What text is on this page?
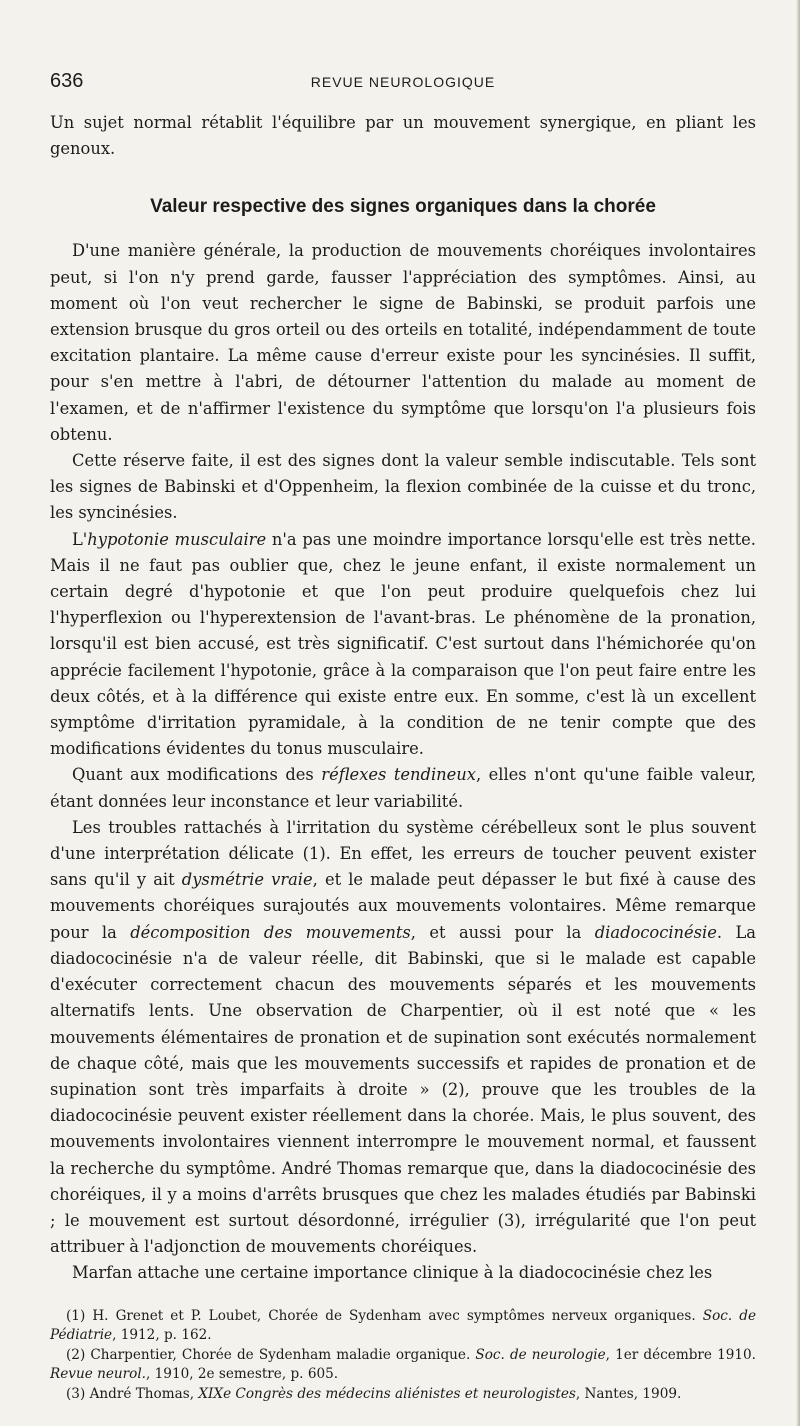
636	REVUE NEUROLOGIQUE

Un sujet normal rétablit l'équilibre par un mouvement synergique, en pliant les genoux.

Valeur respective des signes organiques dans la chorée

D'une manière générale, la production de mouvements choréiques involontaires peut, si l'on n'y prend garde, fausser l'appréciation des symptômes. Ainsi, au moment où l'on veut rechercher le signe de Babinski, se produit parfois une extension brusque du gros orteil ou des orteils en totalité, indépendamment de toute excitation plantaire. La même cause d'erreur existe pour les syncinésies. Il suffit, pour s'en mettre à l'abri, de détourner l'attention du malade au moment de l'examen, et de n'affirmer l'existence du symptôme que lorsqu'on l'a plusieurs fois obtenu.

Cette réserve faite, il est des signes dont la valeur semble indiscutable. Tels sont les signes de Babinski et d'Oppenheim, la flexion combinée de la cuisse et du tronc, les syncinésies.

L'hypotonie musculaire n'a pas une moindre importance lorsqu'elle est très nette. Mais il ne faut pas oublier que, chez le jeune enfant, il existe normalement un certain degré d'hypotonie et que l'on peut produire quelquefois chez lui l'hyperflexion ou l'hyperextension de l'avant-bras. Le phénomène de la pronation, lorsqu'il est bien accusé, est très significatif. C'est surtout dans l'hémichorée qu'on apprécie facilement l'hypotonie, grâce à la comparaison que l'on peut faire entre les deux côtés, et à la différence qui existe entre eux. En somme, c'est là un excellent symptôme d'irritation pyramidale, à la condition de ne tenir compte que des modifications évidentes du tonus musculaire.

Quant aux modifications des réflexes tendineux, elles n'ont qu'une faible valeur, étant données leur inconstance et leur variabilité.

Les troubles rattachés à l'irritation du système cérébelleux sont le plus souvent d'une interprétation délicate (1). En effet, les erreurs de toucher peuvent exister sans qu'il y ait dysmétrie vraie, et le malade peut dépasser le but fixé à cause des mouvements choréiques surajoutés aux mouvements volontaires. Même remarque pour la décomposition des mouvements, et aussi pour la diadococinésie. La diadococinésie n'a de valeur réelle, dit Babinski, que si le malade est capable d'exécuter correctement chacun des mouvements séparés et les mouvements alternatifs lents. Une observation de Charpentier, où il est noté que « les mouvements élémentaires de pronation et de supination sont exécutés normalement de chaque côté, mais que les mouvements successifs et rapides de pronation et de supination sont très imparfaits à droite » (2), prouve que les troubles de la diadococinésie peuvent exister réellement dans la chorée. Mais, le plus souvent, des mouvements involontaires viennent interrompre le mouvement normal, et faussent la recherche du symptôme. André Thomas remarque que, dans la diadococinésie des choréiques, il y a moins d'arrêts brusques que chez les malades étudiés par Babinski ; le mouvement est surtout désordonné, irrégulier (3), irrégularité que l'on peut attribuer à l'adjonction de mouvements choréiques.

Marfan attache une certaine importance clinique à la diadococinésie chez les

(1) H. Grenet et P. Loubet, Chorée de Sydenham avec symptômes nerveux organiques. Soc. de Pédiatrie, 1912, p. 162.

(2) Charpentier, Chorée de Sydenham maladie organique. Soc. de neurologie, 1er décembre 1910. Revue neurol., 1910, 2e semestre, p. 605.

(3) André Thomas, XIXe Congrès des médecins aliénistes et neurologistes, Nantes, 1909.
